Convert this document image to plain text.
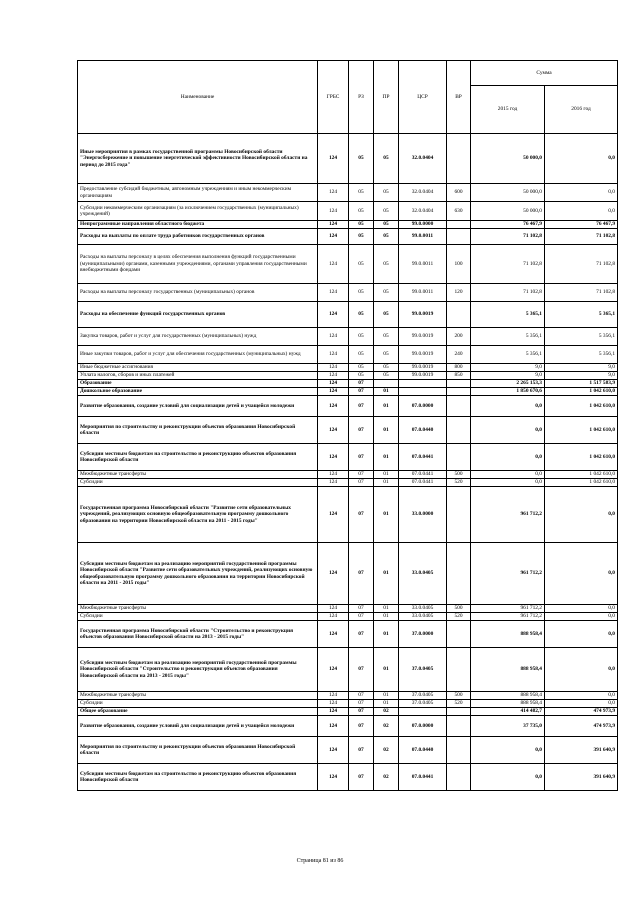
Наименование	ГРБС	РЗ	ПР	ЦСР	ВР	Сумма	
						2015 год	2016 год
Иные мероприятия в рамках государственной программы Новосибирской области "Энергосбережение и повышение энергетической эффективности Новосибирской области на период до 2015 года"	124	05	05	32.0.0404		50 000,0	0,0
Предоставление субсидий бюджетным, автономным учреждениям и иным некоммерческим организациям	124	05	05	32.0.0404	600	50 000,0	0,0
Субсидии некоммерческим организациям (за исключением государственных (муниципальных) учреждений)	124	05	05	32.0.0404	630	50 000,0	0,0
Непрограммные направления областного бюджета	124	05	05	99.0.0000		76 467,9	76 467,9
Расходы на выплаты по оплате труда работников государственных органов	124	05	05	99.0.0011		71 102,8	71 102,8
Расходы на выплаты персоналу в целях обеспечения выполнения функций государственными (муниципальными) органами, казенными учреждениями, органами управления государственными внебюджетными фондами	124	05	05	99.0.0011	100	71 102,8	71 102,8
Расходы на выплаты персоналу государственных (муниципальных) органов	124	05	05	99.0.0011	120	71 102,8	71 102,8
Расходы на обеспечение функций государственных органов	124	05	05	99.0.0019		5 365,1	5 365,1
Закупка товаров, работ и услуг для государственных (муниципальных) нужд	124	05	05	99.0.0019	200	5 356,1	5 356,1
Иные закупки товаров, работ и услуг для обеспечения государственных (муниципальных) нужд	124	05	05	99.0.0019	240	5 356,1	5 356,1
Иные бюджетные ассигнования	124	05	05	99.0.0019	800	9,0	9,0
Уплата налогов, сборов и иных платежей	124	05	05	99.0.0019	850	9,0	9,0
Образование	124	07				2 265 153,3	1 517 583,9
Дошкольное образование	124	07	01			1 850 670,6	1 042 610,0
Развитие образования, создание условий для социализации детей и учащейся молодежи	124	07	01	07.0.0000		0,0	1 042 610,0
Мероприятия по строительству и реконструкции объектов образования Новосибирской области	124	07	01	07.0.0440		0,0	1 042 610,0
Субсидии местным бюджетам на строительство и реконструкцию объектов образования Новосибирской области	124	07	01	07.0.0441		0,0	1 042 610,0
Межбюджетные трансферты	124	07	01	07.0.0441	500	0,0	1 042 610,0
Субсидии	124	07	01	07.0.0441	520	0,0	1 042 610,0
Государственная программа Новосибирской области "Развитие сети образовательных учреждений, реализующих основную общеобразовательную программу дошкольного образования на территории Новосибирской области на 2011 - 2015 годы"	124	07	01	33.0.0000		961 712,2	0,0
Субсидии местным бюджетам на реализацию мероприятий государственной программы Новосибирской области "Развитие сети образовательных учреждений, реализующих основную общеобразовательную программу дошкольного образования на территории Новосибирской области на 2011 - 2015 годы"	124	07	01	33.0.0405		961 712,2	0,0
Межбюджетные трансферты	124	07	01	33.0.0405	500	961 712,2	0,0
Субсидии	124	07	01	33.0.0405	520	961 712,2	0,0
Государственная программа Новосибирской области "Строительство и реконструкция объектов образования Новосибирской области на 2013 - 2015 годы"	124	07	01	37.0.0000		888 958,4	0,0
Субсидии местным бюджетам на реализацию мероприятий государственной программы Новосибирской области "Строительство и реконструкция объектов образования Новосибирской области на 2013 - 2015 годы"	124	07	01	37.0.0405		888 958,4	0,0
Межбюджетные трансферты	124	07	01	37.0.0405	500	888 958,4	0,0
Субсидии	124	07	01	37.0.0405	520	888 958,4	0,0
Общее образование	124	07	02			414 482,7	474 973,9
Развитие образования, создание условий для социализации детей и учащейся молодежи	124	07	02	07.0.0000		37 735,0	474 973,9
Мероприятия по строительству и реконструкции объектов образования Новосибирской области	124	07	02	07.0.0440		0,0	391 640,9
Субсидии местным бюджетам на строительство и реконструкцию объектов образования Новосибирской области	124	07	02	07.0.0441		0,0	391 640,9
Страница 81 из 86
